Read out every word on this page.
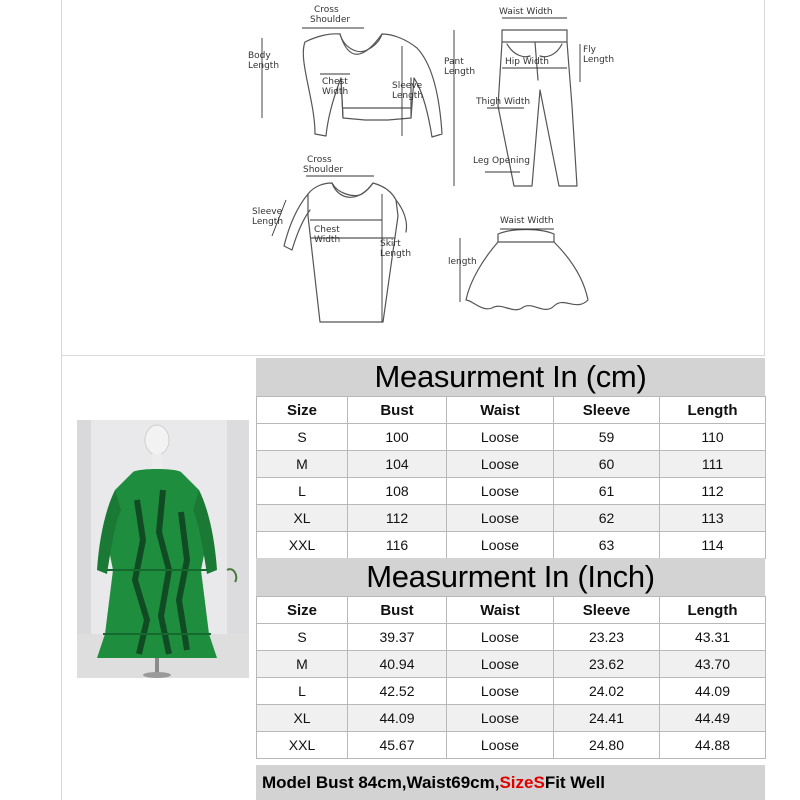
Cross Shoulder
Body Length
Chest Width
Sleeve Length
Waist Width
Pant Length
Hip Width
Fly Length
Thigh Width
Leg Opening
Cross Shoulder
Sleeve Length
Chest Width	Skirt Length
Waist Width
length
Measurment In (cm)
Size	Bust	Waist	Sleeve	Length
S	100	Loose	59	110
M	104	Loose	60	111
L	108	Loose	61	112
XL	112	Loose	62	113
XXL	116	Loose	63	114
Measurment In (Inch)
Size	Bust	Waist	Sleeve	Length
S	39.37	Loose	23.23	43.31
M	40.94	Loose	23.62	43.70
L	42.52	Loose	24.02	44.09
XL	44.09	Loose	24.41	44.49
XXL	45.67	Loose	24.80	44.88
Model Bust 84cm,Waist69cm, SizeS Fit Well
